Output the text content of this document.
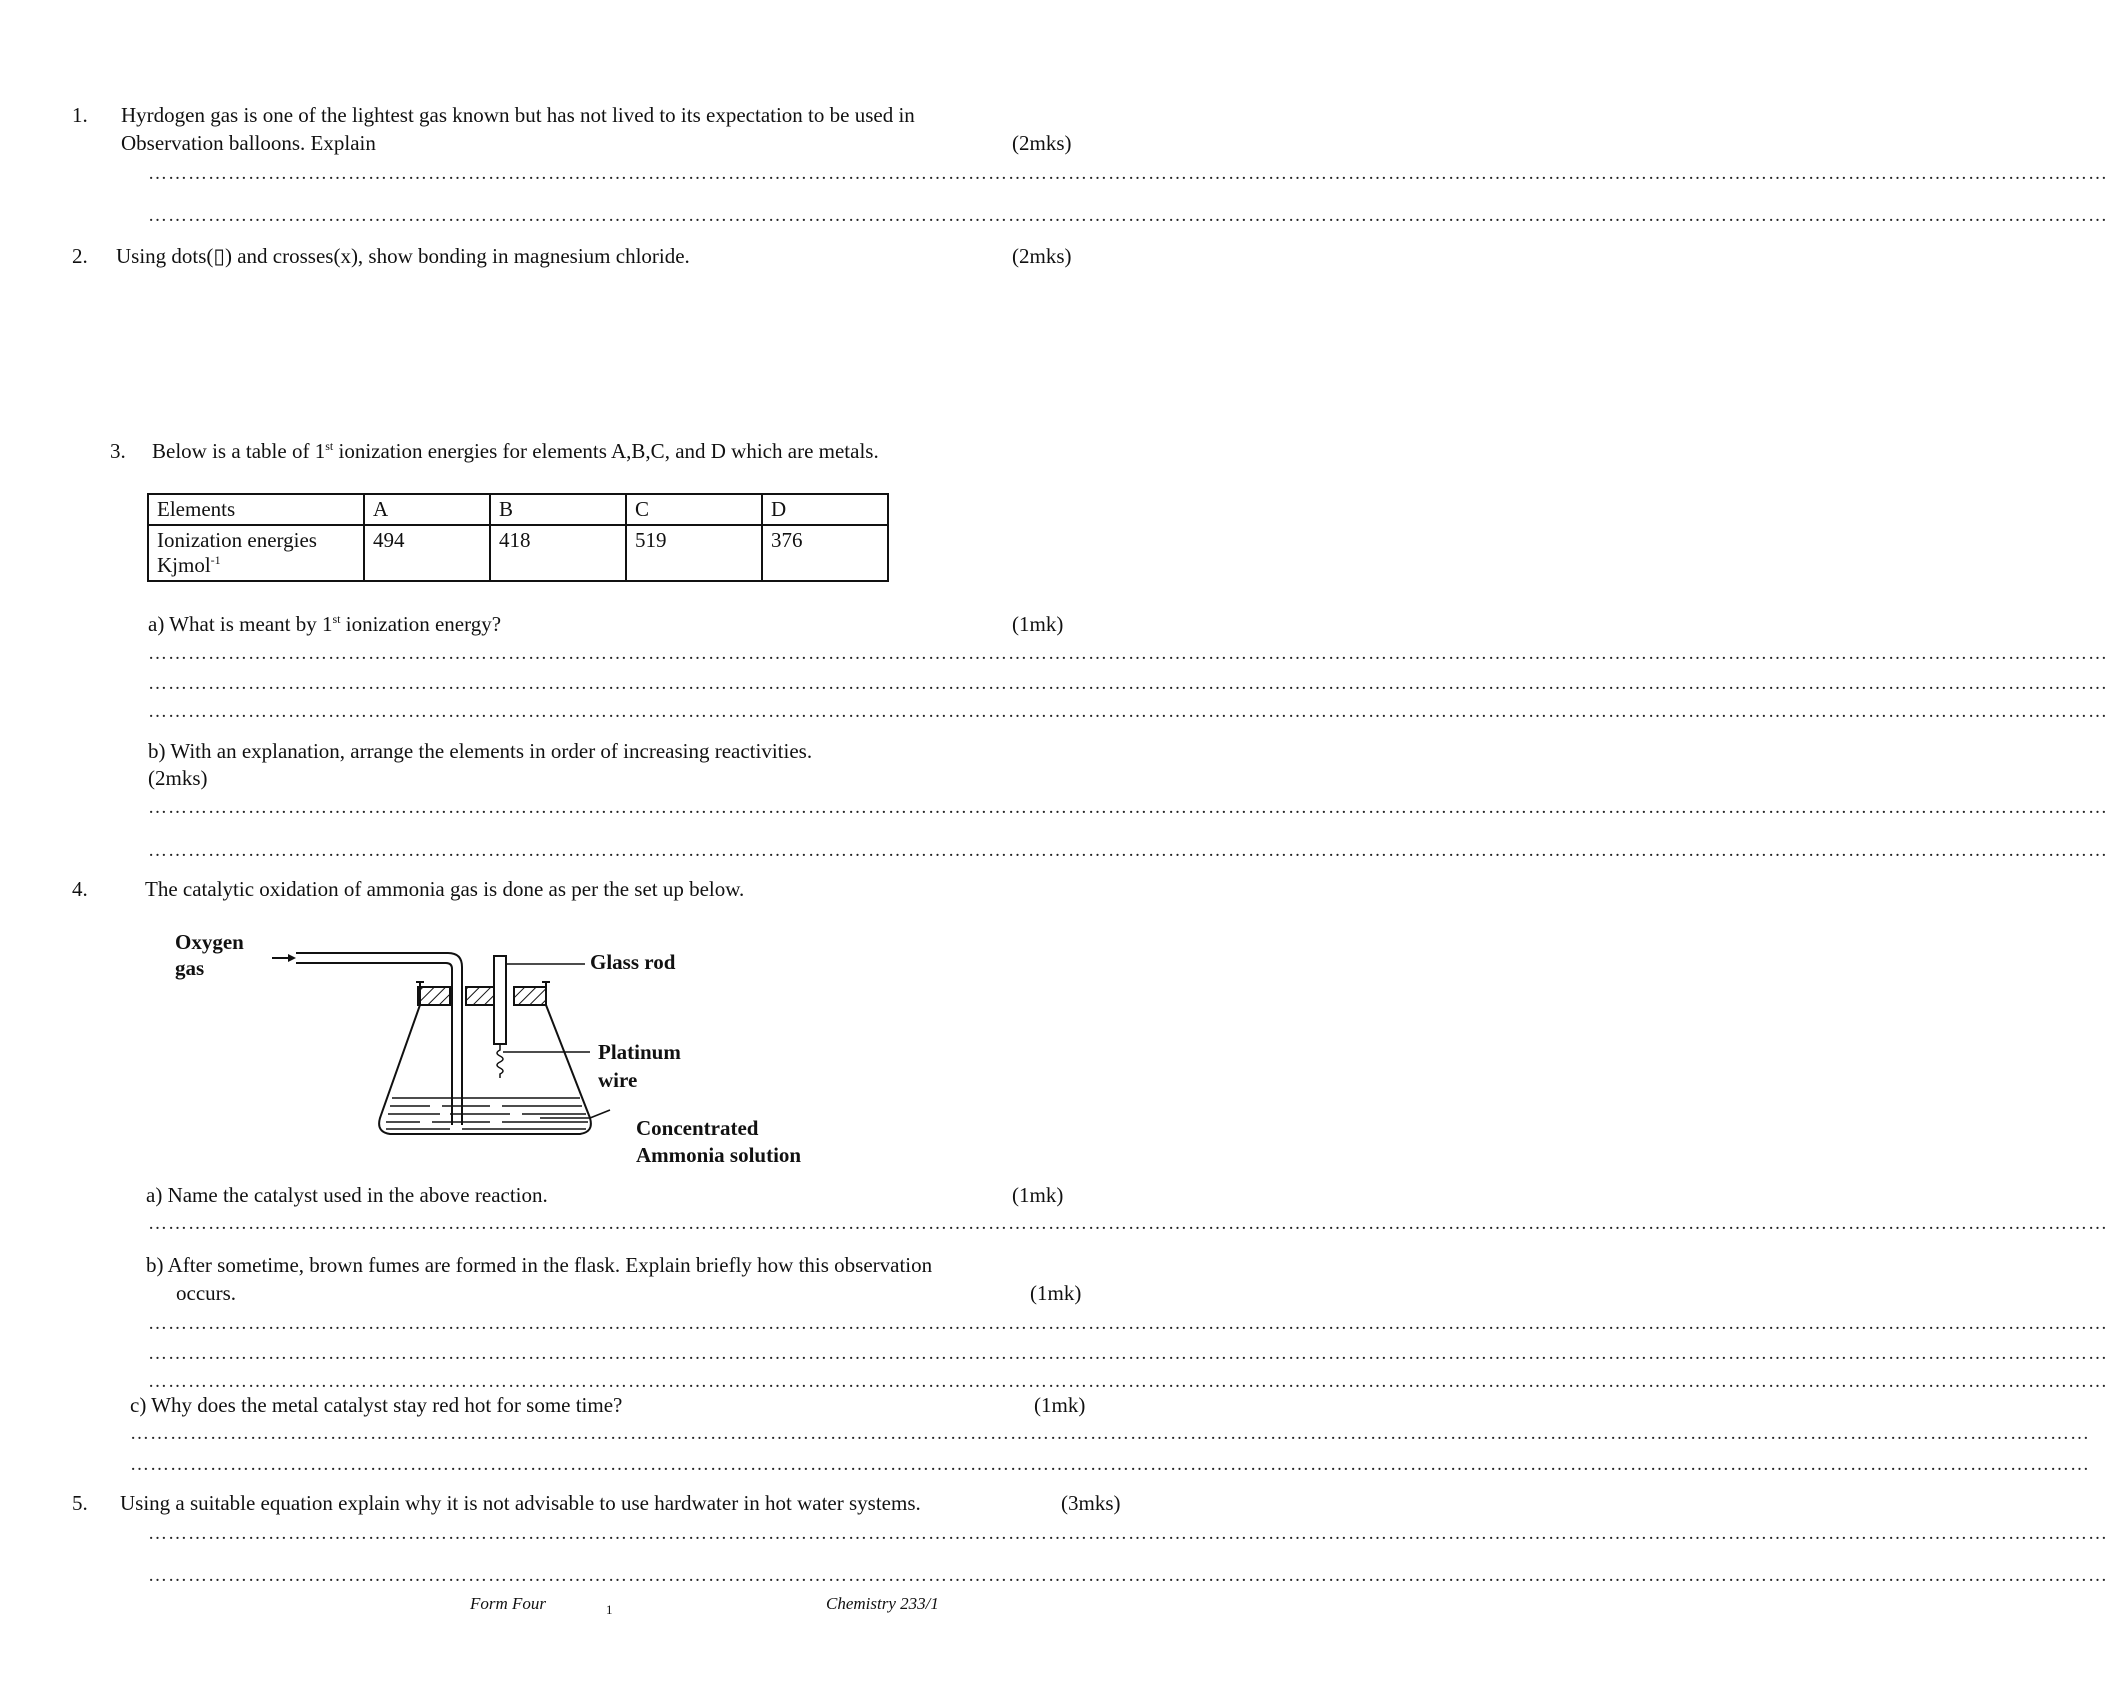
1. Hyrdogen gas is one of the lightest gas known but has not lived to its expectation to be used in
Observation balloons. Explain	(2mks)
……………………………………………………………………………………………………………………………………………………………………………………………………………………………………………………………………
……………………………………………………………………………………………………………………………………………………………………………………………………………………………………………………………………
2. Using dots(▯) and crosses(x), show bonding in magnesium chloride.	(2mks)
3. Below is a table of 1st ionization energies for elements A,B,C, and D which are metals.
Elements	A	B	C	D
Ionization energies
Kjmol$^{-1}$	494	418	519	376
a) What is meant by 1st ionization energy?	(1mk)
……………………………………………………………………………………………………………………………………………………………………………………………………………………………………………………………………
……………………………………………………………………………………………………………………………………………………………………………………………………………………………………………………………………
……………………………………………………………………………………………………………………………………………………………………………………………………………………………………………………………………
b) With an explanation, arrange the elements in order of increasing reactivities.
(2mks)
……………………………………………………………………………………………………………………………………………………………………………………………………………………………………………………………………
……………………………………………………………………………………………………………………………………………………………………………………………………………………………………………………………………
4.	The catalytic oxidation of ammonia gas is done as per the set up below.
Oxygen
gas	Glass rod
Platinum
wire
Concentrated
Ammonia solution
a) Name the catalyst used in the above reaction.	(1mk)
……………………………………………………………………………………………………………………………………………………………………………………………………………………………………………………………………
b) After sometime, brown fumes are formed in the flask. Explain briefly how this observation
occurs.	(1mk)
……………………………………………………………………………………………………………………………………………………………………………………………………………………………………………………………………
……………………………………………………………………………………………………………………………………………………………………………………………………………………………………………………………………
……………………………………………………………………………………………………………………………………………………………………………………………………………………………………………………………………
c) Why does the metal catalyst stay red hot for some time?	(1mk)
……………………………………………………………………………………………………………………………………………………………………………………………………………………………………………………………………
……………………………………………………………………………………………………………………………………………………………………………………………………………………………………………………………………
5. Using a suitable equation explain why it is not advisable to use hardwater in hot water systems.	(3mks)
……………………………………………………………………………………………………………………………………………………………………………………………………………………………………………………………………
……………………………………………………………………………………………………………………………………………………………………………………………………………………………………………………………………
Form Four	1	Chemistry 233/1
